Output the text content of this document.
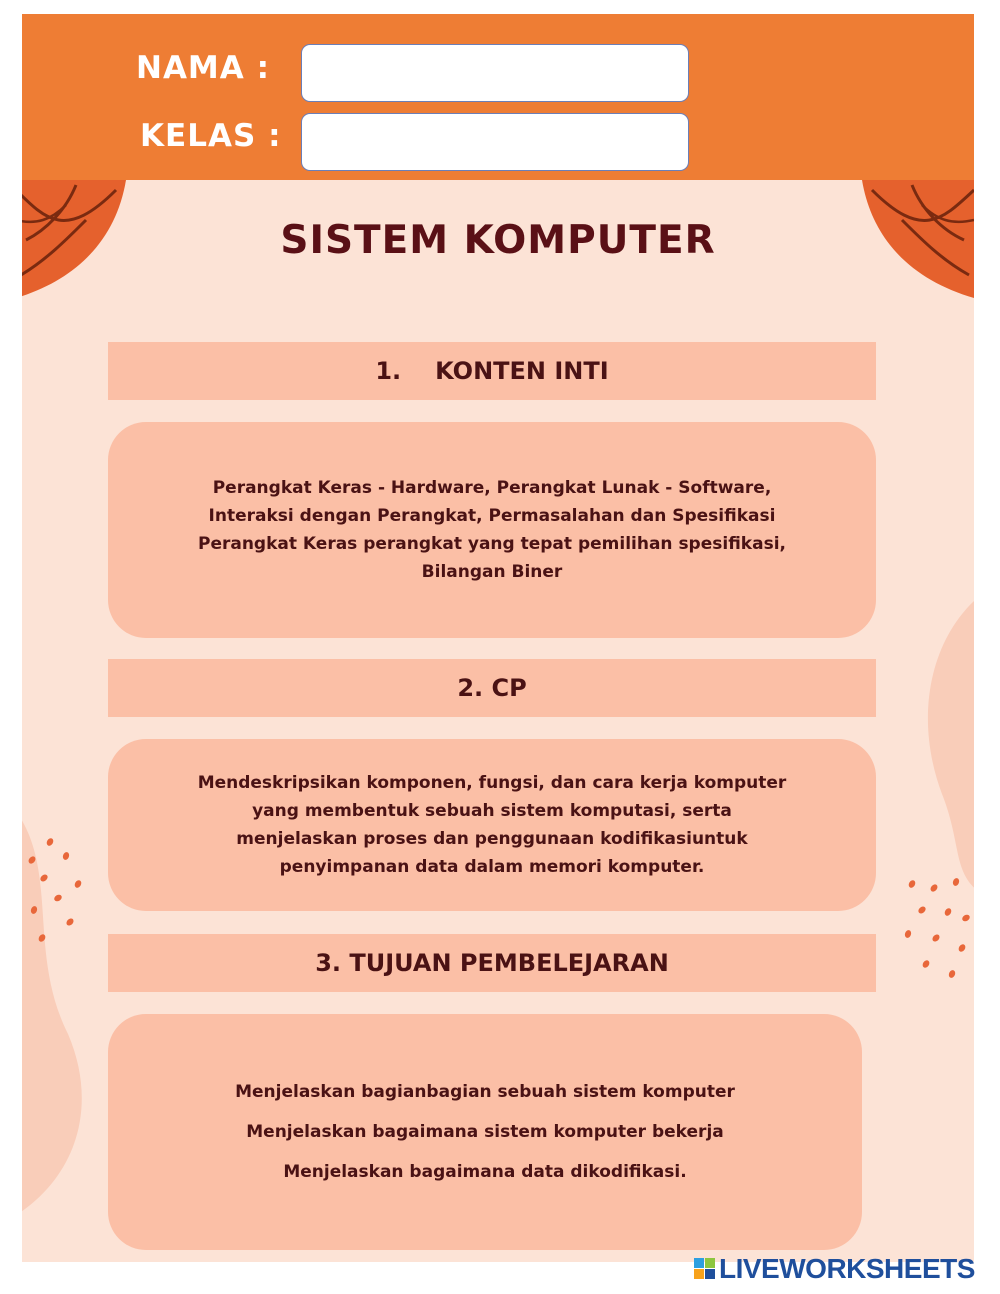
NAMA :
KELAS :
SISTEM KOMPUTER
1. KONTEN INTI
Perangkat Keras - Hardware, Perangkat Lunak - Software,
Interaksi dengan Perangkat, Permasalahan dan Spesifikasi
Perangkat Keras perangkat yang tepat pemilihan spesifikasi,
Bilangan Biner
2. CP
Mendeskripsikan komponen, fungsi, dan cara kerja komputer
yang membentuk sebuah sistem komputasi, serta
menjelaskan proses dan penggunaan kodifikasiuntuk
penyimpanan data dalam memori komputer.
3. TUJUAN PEMBELEJARAN
Menjelaskan bagianbagian sebuah sistem komputer
Menjelaskan bagaimana sistem komputer bekerja
Menjelaskan bagaimana data dikodifikasi.
LIVEWORKSHEETS
